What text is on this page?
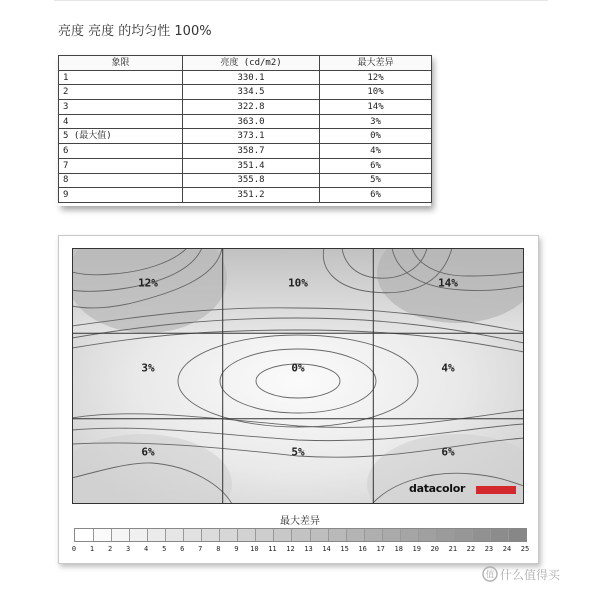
亮度 亮度 的均匀性 100%
象限	亮度 (cd/m2)	最大差异
1	330.1	12%
2	334.5	10%
3	322.8	14%
4	363.0	3%
5 (最大值)	373.1	0%
6	358.7	4%
7	351.4	6%
8	355.8	5%
9	351.2	6%
12%	10%	14%
3%	0%	4%
6%	5%	6%
datacolor
最大差异
0 1 2 3 4 5 6 7 8 9 10 11 12 13 14 15 16 17 18 19 20 21 22 23 24 25
值 什么值得买
